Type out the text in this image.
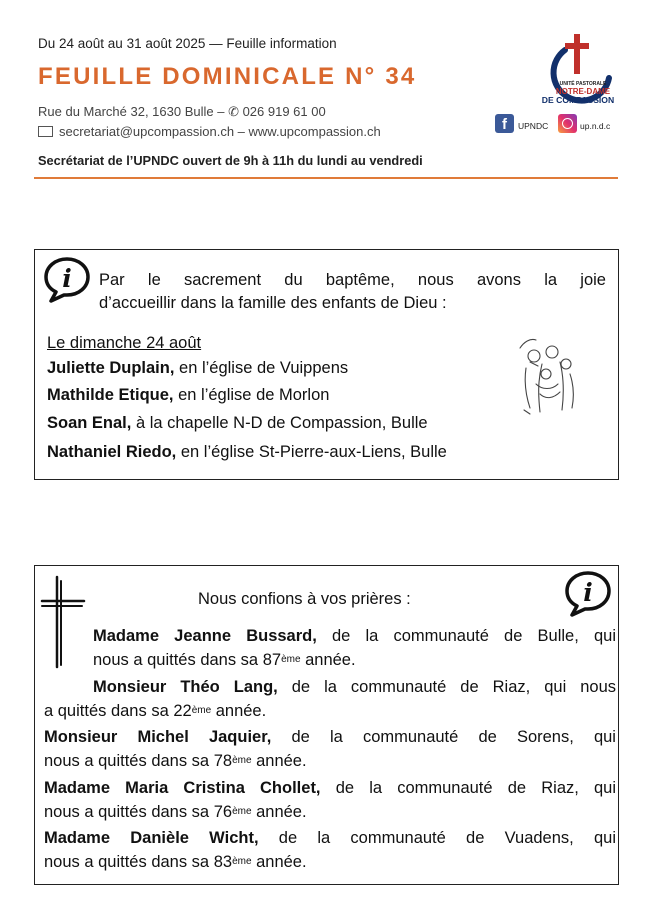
Du 24 août au 31 août 2025 — Feuille information
FEUILLE DOMINICALE N° 34
Rue du Marché 32, 1630 Bulle – ✆ 026 919 61 00
secretariat@upcompassion.ch – www.upcompassion.ch
Secrétariat de l’UPNDC ouvert de 9h à 11h du lundi au vendredi
UNITÉ PASTORALE
NOTRE-DAME
DE COMPASSION
f	UPNDC	up.n.d.c
i Par le sacrement du baptême, nous avons la joie
d’accueillir dans la famille des enfants de Dieu :
Le dimanche 24 août
Juliette Duplain, en l’église de Vuippens
Mathilde Etique, en l’église de Morlon
Soan Enal, à la chapelle N-D de Compassion, Bulle
Nathaniel Riedo, en l’église St-Pierre-aux-Liens, Bulle
i
Nous confions à vos prières :
Madame Jeanne Bussard, de la communauté de Bulle, qui
nous a quittés dans sa 87ème année.
Monsieur Théo Lang, de la communauté de Riaz, qui nous
a quittés dans sa 22ème année.
Monsieur Michel Jaquier, de la communauté de Sorens, qui
nous a quittés dans sa 78ème année.
Madame Maria Cristina Chollet, de la communauté de Riaz, qui
nous a quittés dans sa 76ème année.
Madame Danièle Wicht, de la communauté de Vuadens, qui
nous a quittés dans sa 83ème année.
